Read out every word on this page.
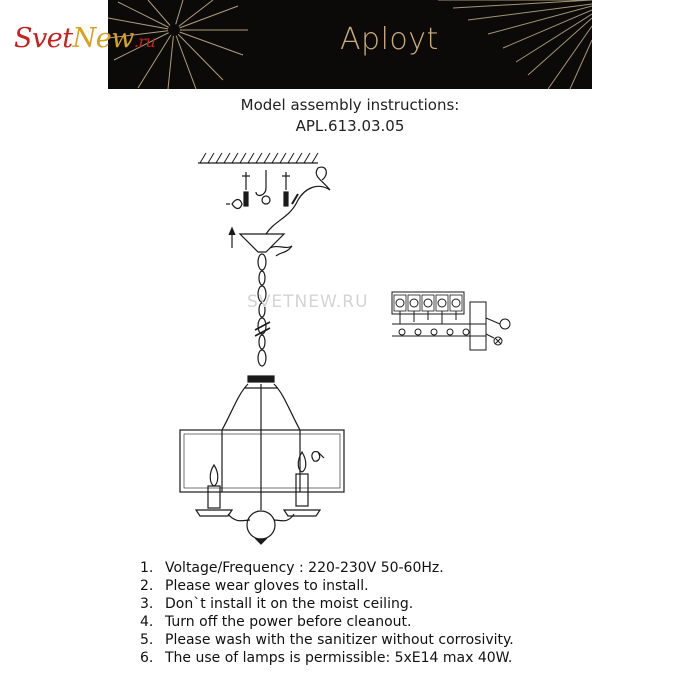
SvetNew.ru	Aployt
Model assembly instructions:
APL.613.03.05
SVETNEW.RU
1. Voltage/Frequency : 220-230V 50-60Hz.
2. Please wear gloves to install.
3. Don`t install it on the moist ceiling.
4. Turn off the power before cleanout.
5. Please wash with the sanitizer without corrosivity.
6. The use of lamps is permissible: 5xE14 max 40W.
